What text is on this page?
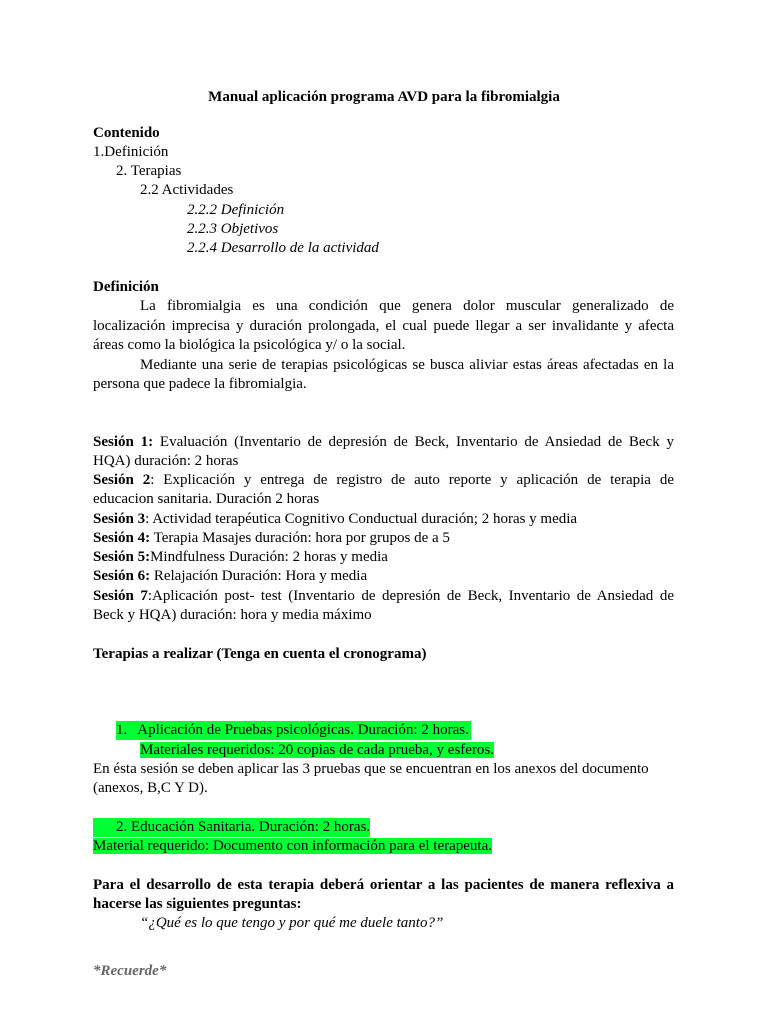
Manual aplicación programa AVD para la fibromialgia
Contenido
1.Definición
2. Terapias
2.2 Actividades
2.2.2 Definición
2.2.3 Objetivos
2.2.4 Desarrollo de la actividad
Definición
La fibromialgia es una condición que genera dolor muscular generalizado de
localización imprecisa y duración prolongada, el cual puede llegar a ser invalidante y afecta
áreas como la biológica la psicológica y/ o la social.
Mediante una serie de terapias psicológicas se busca aliviar estas áreas afectadas en la
persona que padece la fibromialgia.
Sesión 1: Evaluación (Inventario de depresión de Beck, Inventario de Ansiedad de Beck y
HQA) duración: 2 horas
Sesión 2: Explicación y entrega de registro de auto reporte y aplicación de terapia de
educacion sanitaria. Duración 2 horas
Sesión 3: Actividad terapéutica Cognitivo Conductual duración; 2 horas y media
Sesión 4: Terapia Masajes duración: hora por grupos de a 5
Sesión 5:Mindfulness Duración: 2 horas y media
Sesión 6: Relajación Duración: Hora y media
Sesión 7:Aplicación post- test (Inventario de depresión de Beck, Inventario de Ansiedad de
Beck y HQA) duración: hora y media máximo
Terapias a realizar (Tenga en cuenta el cronograma)
1. Aplicación de Pruebas psicológicas. Duración: 2 horas.
Materiales requeridos: 20 copias de cada prueba, y esferos.
En ésta sesión se deben aplicar las 3 pruebas que se encuentran en los anexos del documento
(anexos, B,C Y D).
2. Educación Sanitaria. Duración: 2 horas.
Material requerido: Documento con información para el terapeuta.
Para el desarrollo de esta terapia deberá orientar a las pacientes de manera reflexiva a
hacerse las siguientes preguntas:
“¿Qué es lo que tengo y por qué me duele tanto?”
*Recuerde*
